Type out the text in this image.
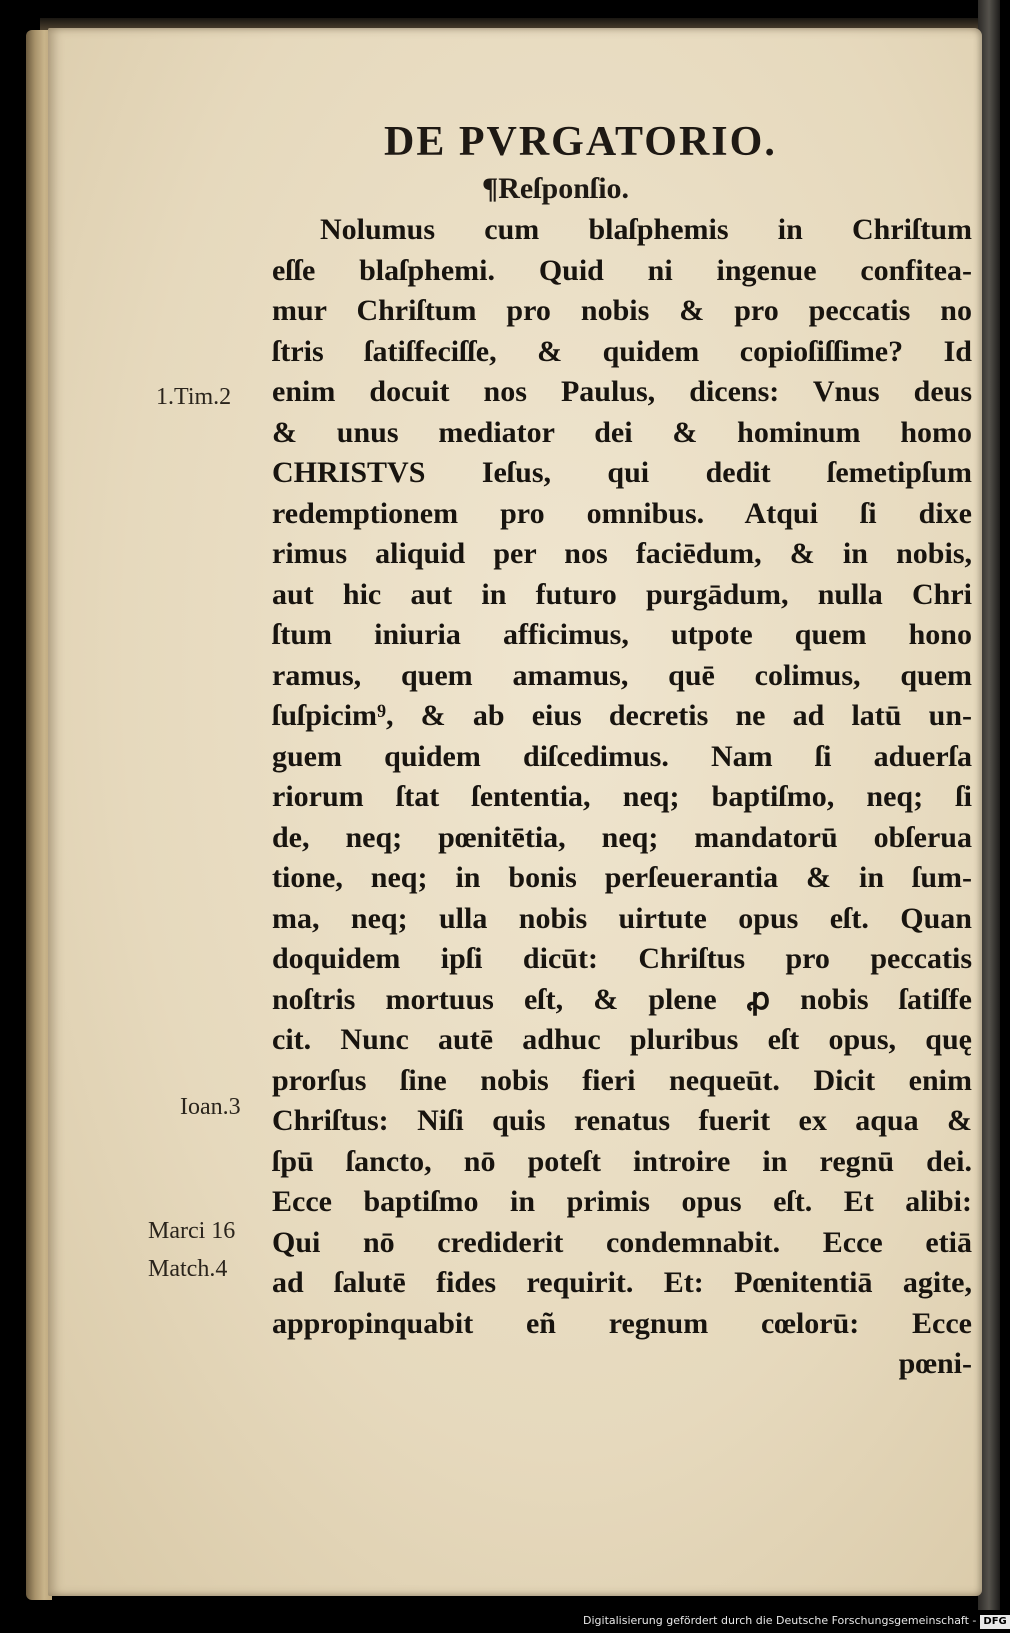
DE PVRGATORIO.
¶Reſponſio.
Nolumus cum blaſphemis in Chriſtum
eſſe blaſphemi. Quid ni ingenue confitea-
mur Chriſtum pro nobis & pro peccatis no
ſtris ſatiſfeciſſe, & quidem copioſiſſime? Id
enim docuit nos Paulus, dicens: Vnus deus
& unus mediator dei & hominum homo
CHRISTVS Ieſus, qui dedit ſemetipſum
redemptionem pro omnibus. Atqui ſi dixe
rimus aliquid per nos faciēdum, & in nobis,
aut hic aut in futuro purgādum, nulla Chri
ſtum iniuria afficimus, utpote quem hono
ramus, quem amamus, quē colimus, quem
ſuſpicim⁹, & ab eius decretis ne ad latū un-
guem quidem diſcedimus. Nam ſi aduerſa
riorum ſtat ſententia, neq; baptiſmo, neq; ſi
de, neq; pœnitētia, neq; mandatorū obſerua
tione, neq; in bonis perſeuerantia & in ſum-
ma, neq; ulla nobis uirtute opus eſt. Quan
doquidem ipſi dicūt: Chriſtus pro peccatis
noſtris mortuus eſt, & plene ꝓ nobis ſatiſfe
cit. Nunc autē adhuc pluribus eſt opus, quę
prorſus ſine nobis fieri nequeūt. Dicit enim
Chriſtus: Niſi quis renatus fuerit ex aqua &
ſpū ſancto, nō poteſt introire in regnū dei.
Ecce baptiſmo in primis opus eſt. Et alibi:
Qui nō crediderit condemnabit. Ecce etiā
ad ſalutē fides requirit. Et: Pœnitentiā agite,
appropinquabit eñ regnum cœlorū: Ecce
pœni-
1.Tim.2
Ioan.3
Marci 16
Match.4
Digitalisierung gefördert durch die Deutsche Forschungsgemeinschaft - DFG
